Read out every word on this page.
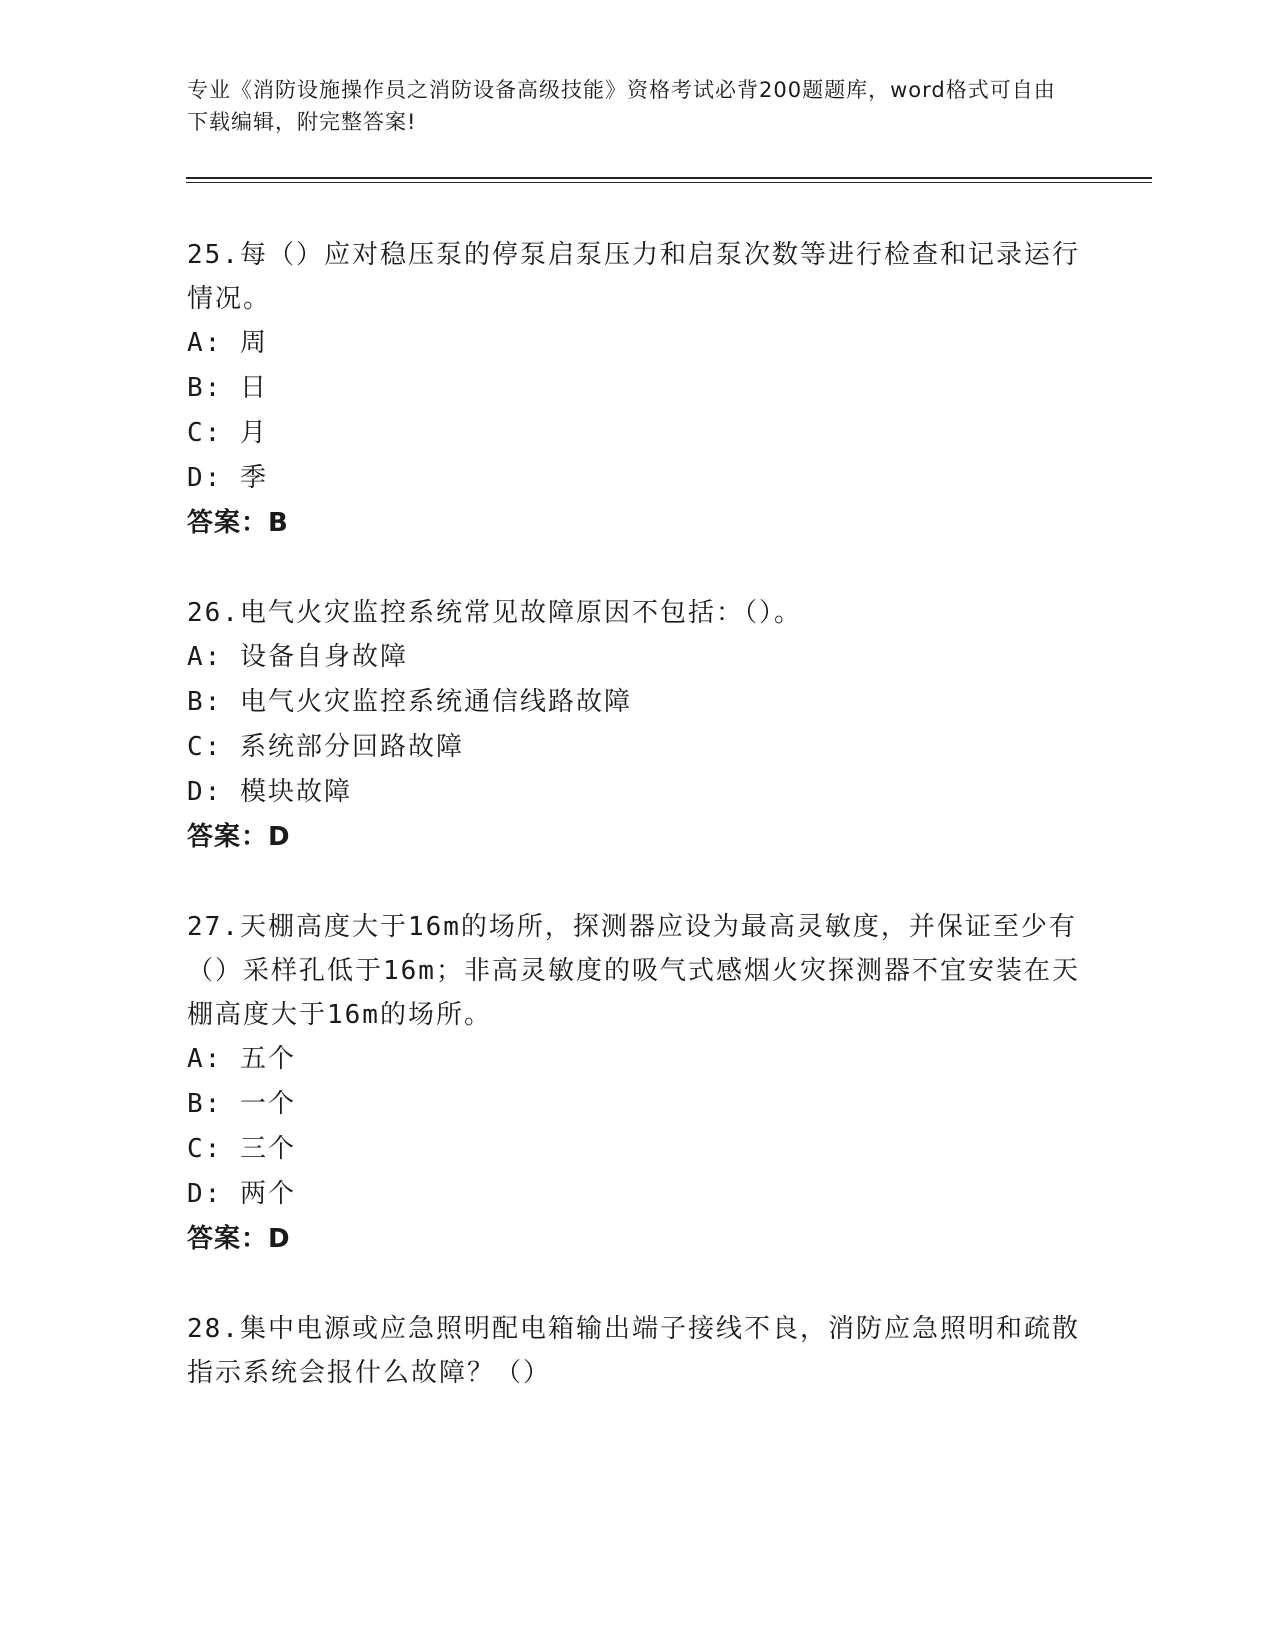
专业《消防设施操作员之消防设备高级技能》资格考试必背200题题库，word格式可自由下载编辑，附完整答案!

25.每（）应对稳压泵的停泵启泵压力和启泵次数等进行检查和记录运行情况。

A: 周
B: 日
C: 月
D: 季
答案：B

26.电气火灾监控系统常见故障原因不包括：（）。

A: 设备自身故障
B: 电气火灾监控系统通信线路故障
C: 系统部分回路故障
D: 模块故障
答案：D

27.天棚高度大于16m的场所，探测器应设为最高灵敏度，并保证至少有（）采样孔低于16m；非高灵敏度的吸气式感烟火灾探测器不宜安装在天棚高度大于16m的场所。

A: 五个
B: 一个
C: 三个
D: 两个
答案：D

28.集中电源或应急照明配电箱输出端子接线不良，消防应急照明和疏散指示系统会报什么故障？（）
